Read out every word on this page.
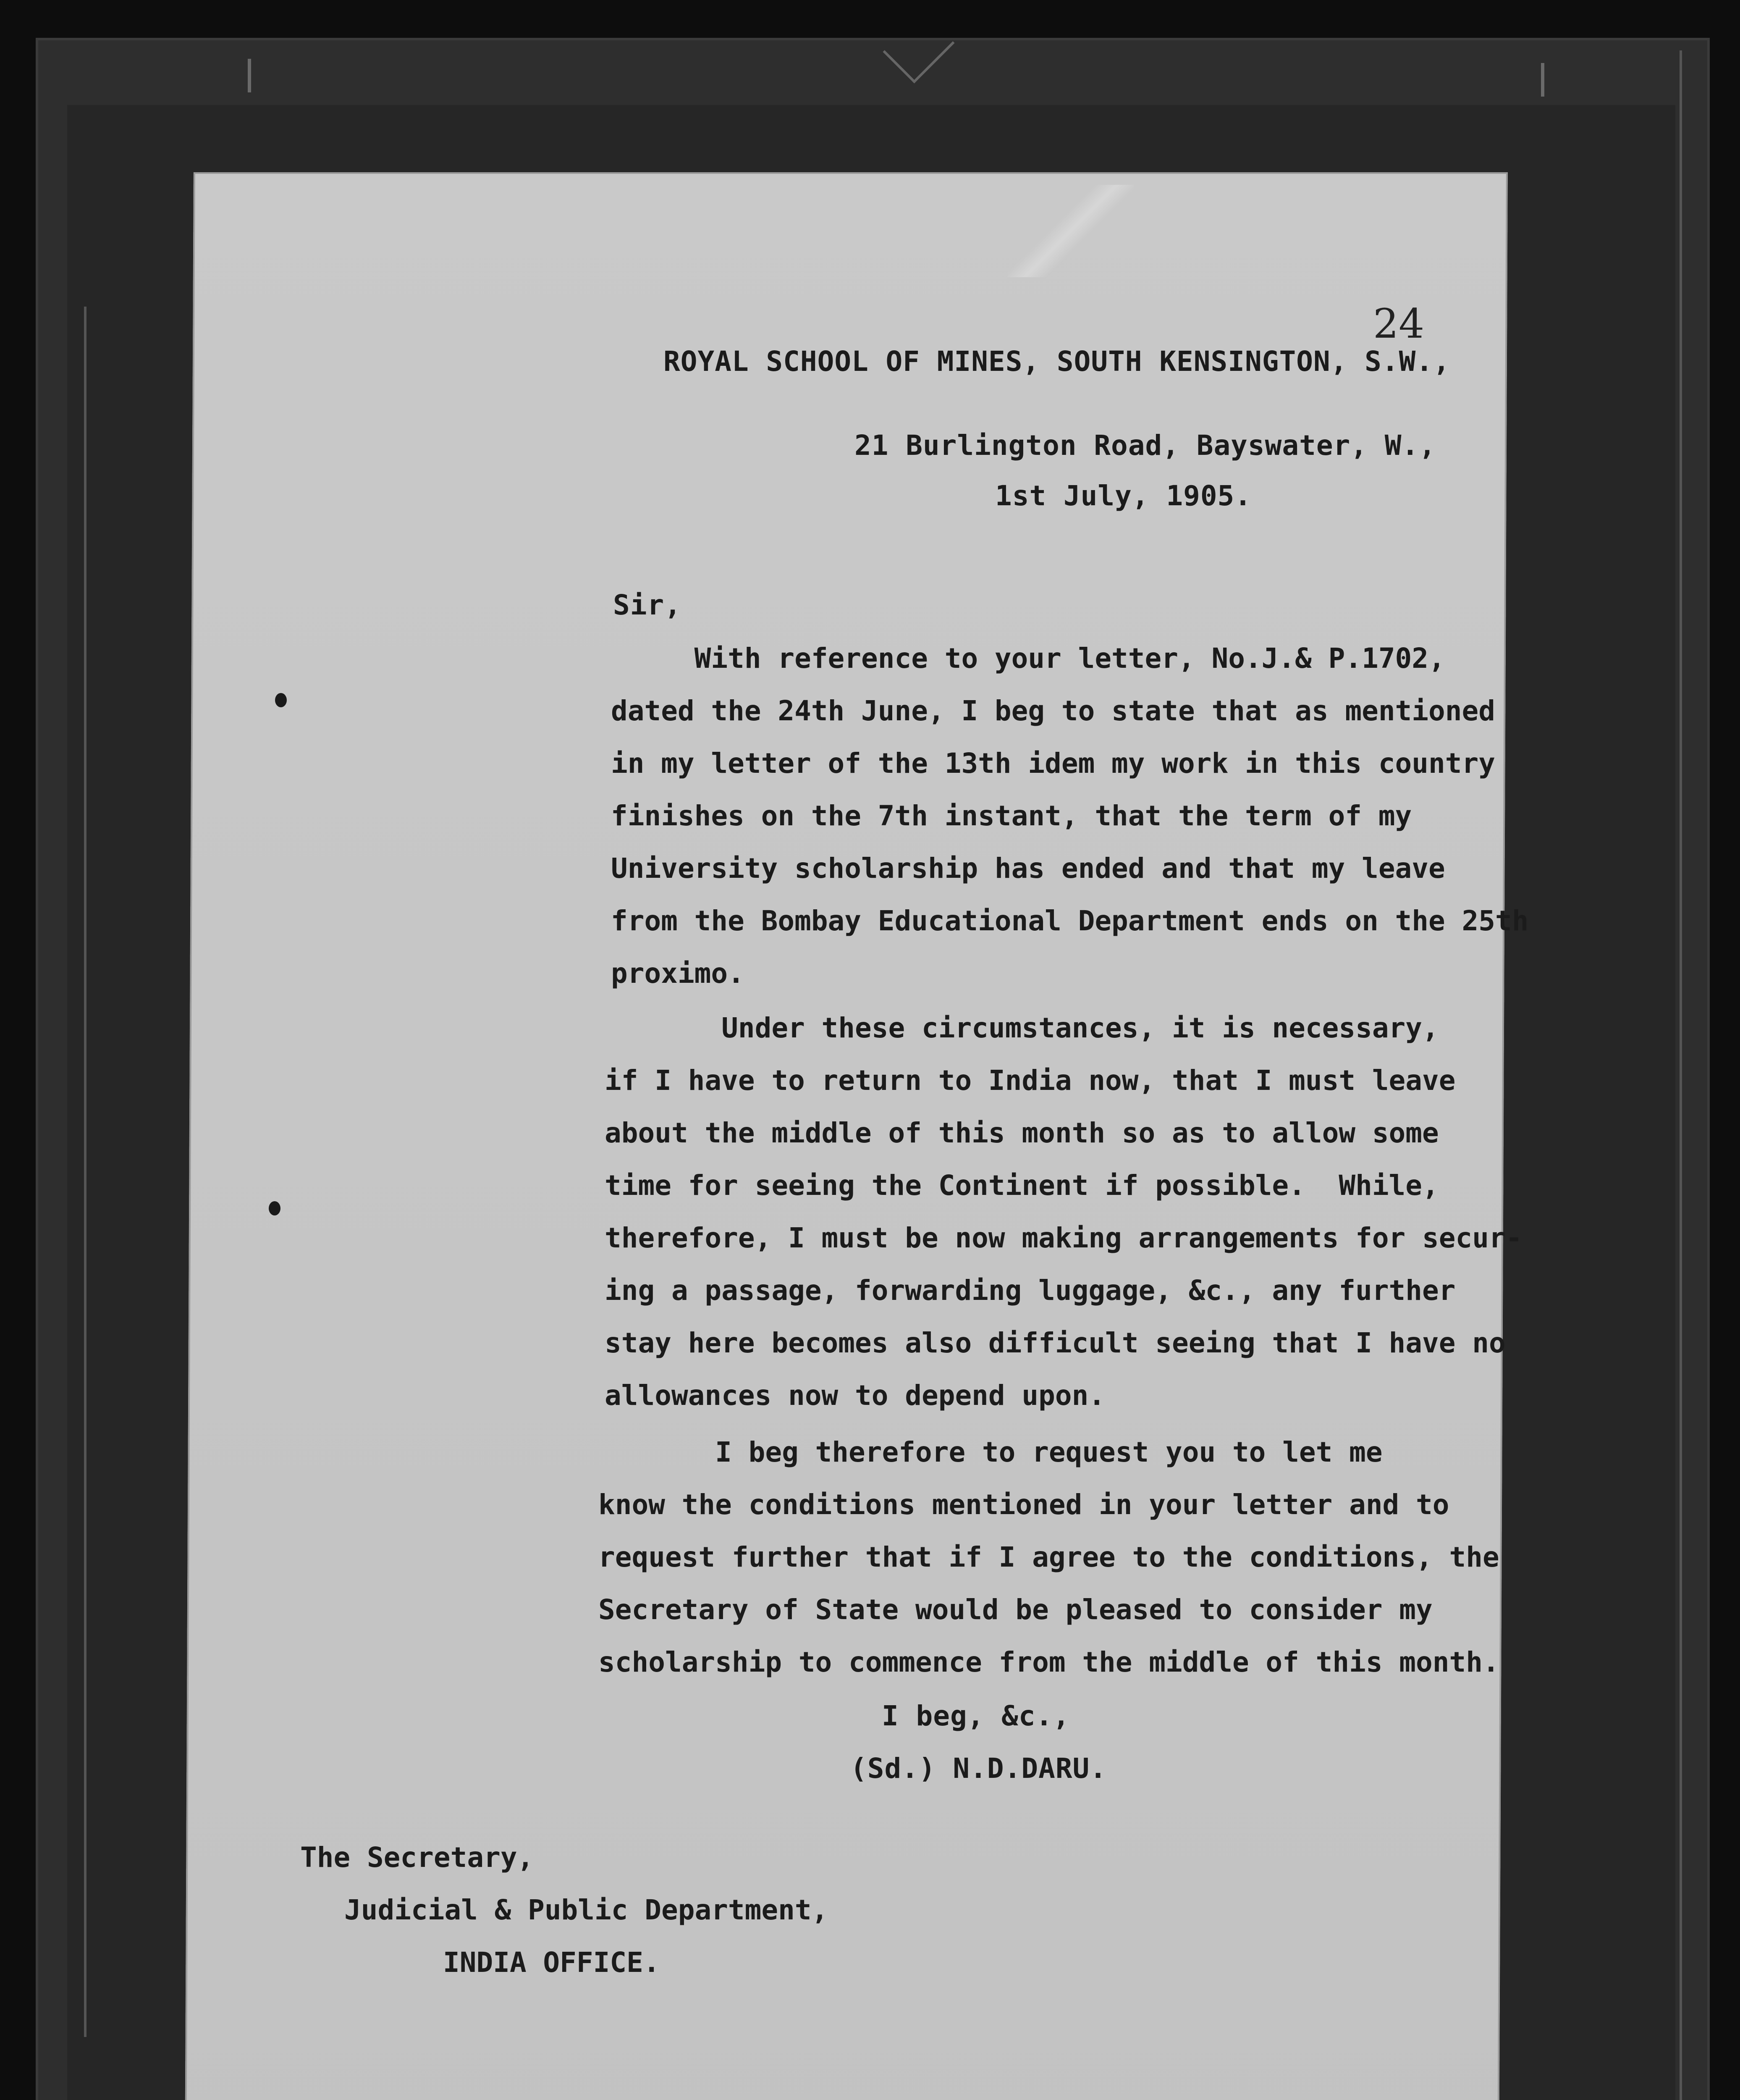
24
ROYAL SCHOOL OF MINES, SOUTH KENSINGTON, S.W.,
21 Burlington Road, Bayswater, W.,
1st July, 1905.
Sir,
With reference to your letter, No.J.& P.1702,
dated the 24th June, I beg to state that as mentioned
in my letter of the 13th idem my work in this country
finishes on the 7th instant, that the term of my
University scholarship has ended and that my leave
from the Bombay Educational Department ends on the 25th
proximo.
Under these circumstances, it is necessary,
if I have to return to India now, that I must leave
about the middle of this month so as to allow some
time for seeing the Continent if possible.  While,
therefore, I must be now making arrangements for secur-
ing a passage, forwarding luggage, &c., any further
stay here becomes also difficult seeing that I have no
allowances now to depend upon.
I beg therefore to request you to let me
know the conditions mentioned in your letter and to
request further that if I agree to the conditions, the
Secretary of State would be pleased to consider my
scholarship to commence from the middle of this month.
I beg, &c.,
(Sd.) N.D.DARU.
The Secretary,
Judicial & Public Department,
INDIA OFFICE.
